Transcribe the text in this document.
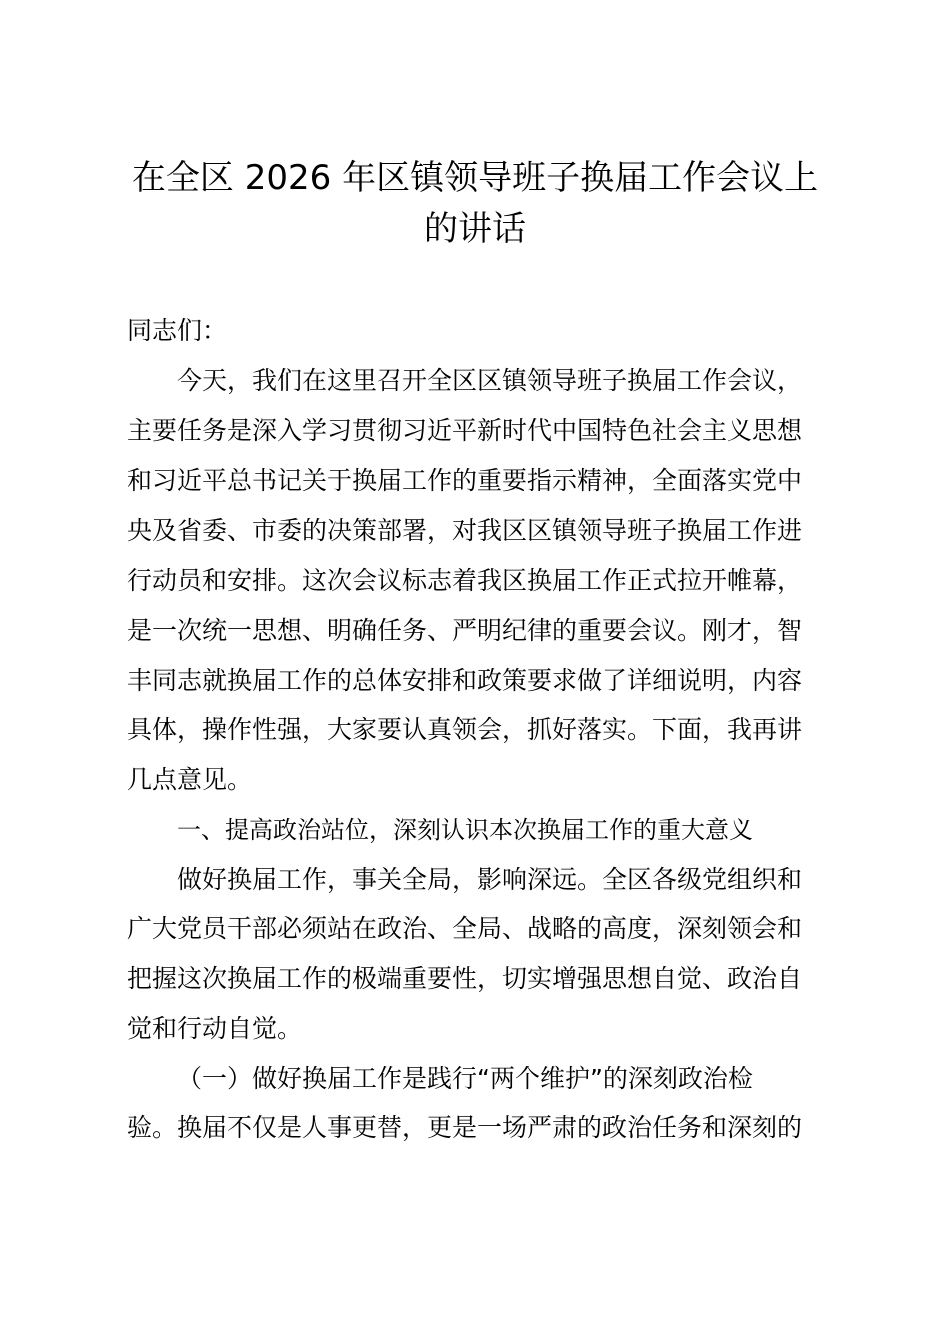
在全区 2026 年区镇领导班子换届工作会议上
的讲话

同志们：

今天，我们在这里召开全区区镇领导班子换届工作会议，

主要任务是深入学习贯彻习近平新时代中国特色社会主义思想

和习近平总书记关于换届工作的重要指示精神，全面落实党中

央及省委、市委的决策部署，对我区区镇领导班子换届工作进

行动员和安排。这次会议标志着我区换届工作正式拉开帷幕，

是一次统一思想、明确任务、严明纪律的重要会议。刚才，智

丰同志就换届工作的总体安排和政策要求做了详细说明，内容

具体，操作性强，大家要认真领会，抓好落实。下面，我再讲

几点意见。

一、提高政治站位，深刻认识本次换届工作的重大意义

做好换届工作，事关全局，影响深远。全区各级党组织和

广大党员干部必须站在政治、全局、战略的高度，深刻领会和

把握这次换届工作的极端重要性，切实增强思想自觉、政治自

觉和行动自觉。

（一）做好换届工作是践行“两个维护”的深刻政治检

验。换届不仅是人事更替，更是一场严肃的政治任务和深刻的
